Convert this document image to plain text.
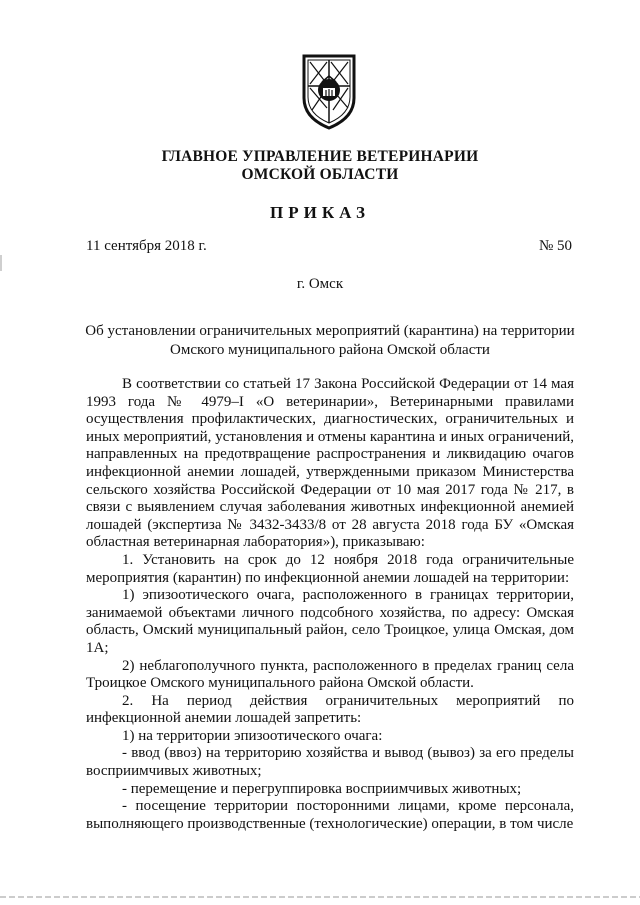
ГЛАВНОЕ УПРАВЛЕНИЕ ВЕТЕРИНАРИИ
ОМСКОЙ ОБЛАСТИ
ПРИКАЗ
11 сентября 2018 г.	№ 50
г. Омск
Об установлении ограничительных мероприятий (карантина) на территории
Омского муниципального района Омской области

В соответствии со статьей 17 Закона Российской Федерации от 14 мая 1993 года № 4979–I «О ветеринарии», Ветеринарными правилами осуществления профилактических, диагностических, ограничительных и иных мероприятий, установления и отмены карантина и иных ограничений, направленных на предотвращение распространения и ликвидацию очагов инфекционной анемии лошадей, утвержденными приказом Министерства сельского хозяйства Российской Федерации от 10 мая 2017 года № 217, в связи с выявлением случая заболевания животных инфекционной анемией лошадей (экспертиза № 3432-3433/8 от 28 августа 2018 года БУ «Омская областная ветеринарная лаборатория»), приказываю:

1. Установить на срок до 12 ноября 2018 года ограничительные мероприятия (карантин) по инфекционной анемии лошадей на территории:

1) эпизоотического очага, расположенного в границах территории, занимаемой объектами личного подсобного хозяйства, по адресу: Омская область, Омский муниципальный район, село Троицкое, улица Омская, дом 1А;

2) неблагополучного пункта, расположенного в пределах границ села Троицкое Омского муниципального района Омской области.

2. На период действия ограничительных мероприятий по инфекционной анемии лошадей запретить:

1) на территории эпизоотического очага:

- ввод (ввоз) на территорию хозяйства и вывод (вывоз) за его пределы восприимчивых животных;

- перемещение и перегруппировка восприимчивых животных;

- посещение территории посторонними лицами, кроме персонала, выполняющего производственные (технологические) операции, в том числе
